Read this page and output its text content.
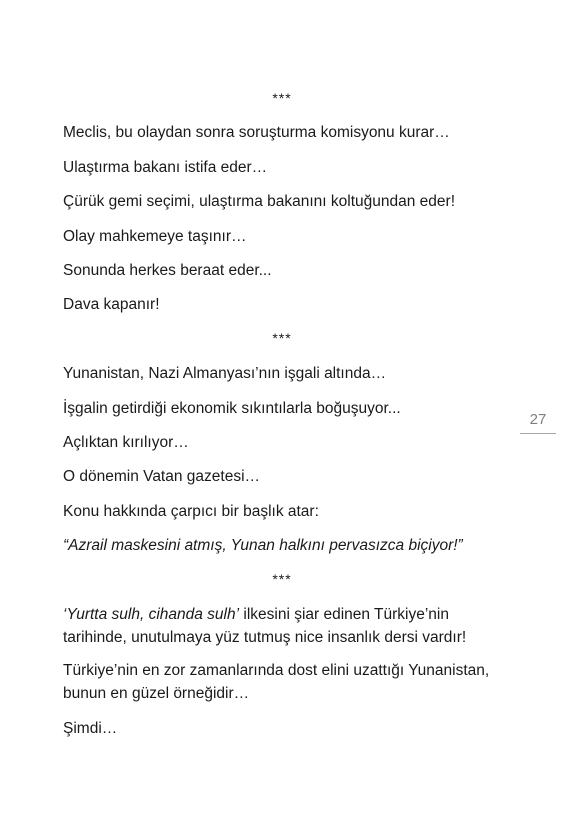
***
Meclis, bu olaydan sonra soruşturma komisyonu kurar…
Ulaştırma bakanı istifa eder…
Çürük gemi seçimi, ulaştırma bakanını koltuğundan eder!
Olay mahkemeye taşınır…
Sonunda herkes beraat eder...
Dava kapanır!
***
Yunanistan, Nazi Almanyası’nın işgali altında…
İşgalin getirdiği ekonomik sıkıntılarla boğuşuyor...
Açlıktan kırılıyor…
O dönemin Vatan gazetesi…
Konu hakkında çarpıcı bir başlık atar:
“Azrail maskesini atmış, Yunan halkını pervasızca biçiyor!”
***
‘Yurtta sulh, cihanda sulh’ ilkesini şiar edinen Türkiye’nin
tarihinde, unutulmaya yüz tutmuş nice insanlık dersi vardır!
Türkiye’nin en zor zamanlarında dost elini uzattığı Yunanistan,
bunun en güzel örneğidir…
Şimdi…
27
